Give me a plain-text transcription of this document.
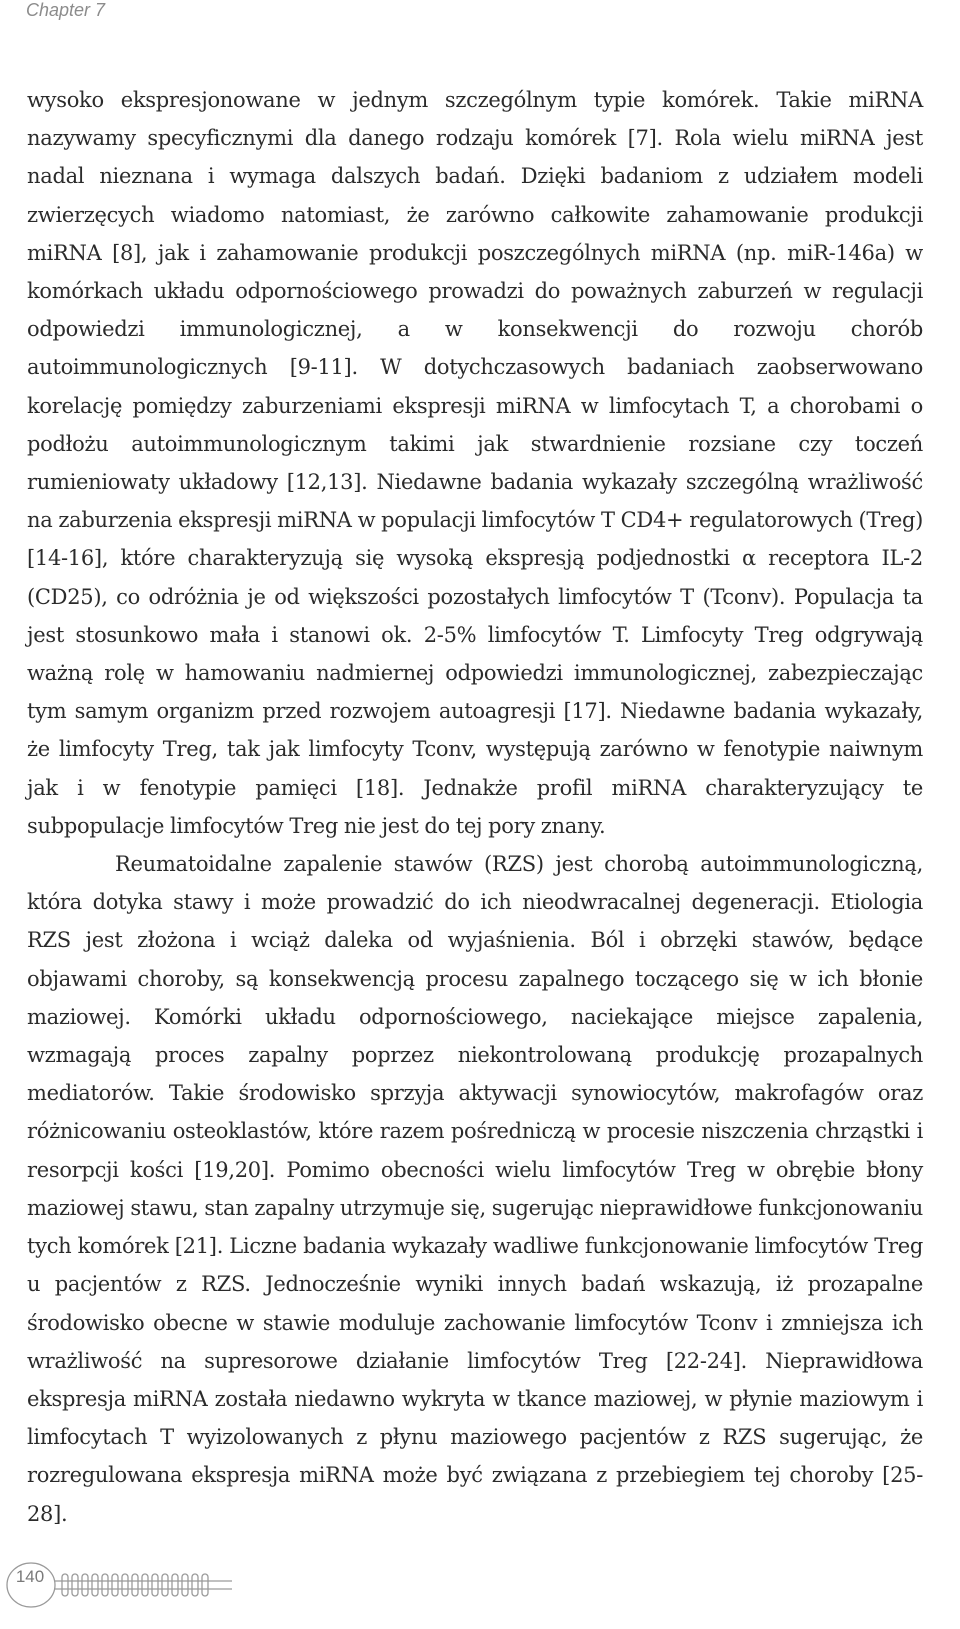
Chapter 7

wysoko ekspresjonowane w jednym szczególnym typie komórek. Takie miRNA nazywamy specyficznymi dla danego rodzaju komórek [7]. Rola wielu miRNA jest nadal nieznana i wymaga dalszych badań. Dzięki badaniom z udziałem modeli zwierzęcych wiadomo natomiast, że zarówno całkowite zahamowanie produkcji miRNA [8], jak i zahamowanie produkcji poszczególnych miRNA (np. miR-146a) w komórkach układu odpornościowego prowadzi do poważnych zaburzeń w regulacji odpowiedzi immunologicznej, a w konsekwencji do rozwoju chorób autoimmunologicznych [9-11]. W dotychczasowych badaniach zaobserwowano korelację pomiędzy zaburzeniami ekspresji miRNA w limfocytach T, a chorobami o podłożu autoimmunologicznym takimi jak stwardnienie rozsiane czy toczeń rumieniowaty układowy [12,13]. Niedawne badania wykazały szczególną wrażliwość na zaburzenia ekspresji miRNA w populacji limfocytów T CD4+ regulatorowych (Treg) [14-16], które charakteryzują się wysoką ekspresją podjednostki α receptora IL-2 (CD25), co odróżnia je od większości pozostałych limfocytów T (Tconv). Populacja ta jest stosunkowo mała i stanowi ok. 2-5% limfocytów T. Limfocyty Treg odgrywają ważną rolę w hamowaniu nadmiernej odpowiedzi immunologicznej, zabezpieczając tym samym organizm przed rozwojem autoagresji [17]. Niedawne badania wykazały, że limfocyty Treg, tak jak limfocyty Tconv, występują zarówno w fenotypie naiwnym jak i w fenotypie pamięci [18]. Jednakże profil miRNA charakteryzujący te subpopulacje limfocytów Treg nie jest do tej pory znany.

Reumatoidalne zapalenie stawów (RZS) jest chorobą autoimmunologiczną, która dotyka stawy i może prowadzić do ich nieodwracalnej degeneracji. Etiologia RZS jest złożona i wciąż daleka od wyjaśnienia. Ból i obrzęki stawów, będące objawami choroby, są konsekwencją procesu zapalnego toczącego się w ich błonie maziowej. Komórki układu odpornościowego, naciekające miejsce zapalenia, wzmagają proces zapalny poprzez niekontrolowaną produkcję prozapalnych mediatorów. Takie środowisko sprzyja aktywacji synowiocytów, makrofagów oraz różnicowaniu osteoklastów, które razem pośredniczą w procesie niszczenia chrząstki i resorpcji kości [19,20]. Pomimo obecności wielu limfocytów Treg w obrębie błony maziowej stawu, stan zapalny utrzymuje się, sugerując nieprawidłowe funkcjonowaniu tych komórek [21]. Liczne badania wykazały wadliwe funkcjonowanie limfocytów Treg u pacjentów z RZS. Jednocześnie wyniki innych badań wskazują, iż prozapalne środowisko obecne w stawie moduluje zachowanie limfocytów Tconv i zmniejsza ich wrażliwość na supresorowe działanie limfocytów Treg [22-24]. Nieprawidłowa ekspresja miRNA została niedawno wykryta w tkance maziowej, w płynie maziowym i limfocytach T wyizolowanych z płynu maziowego pacjentów z RZS sugerując, że rozregulowana ekspresja miRNA może być związana z przebiegiem tej choroby [25-28].

140
